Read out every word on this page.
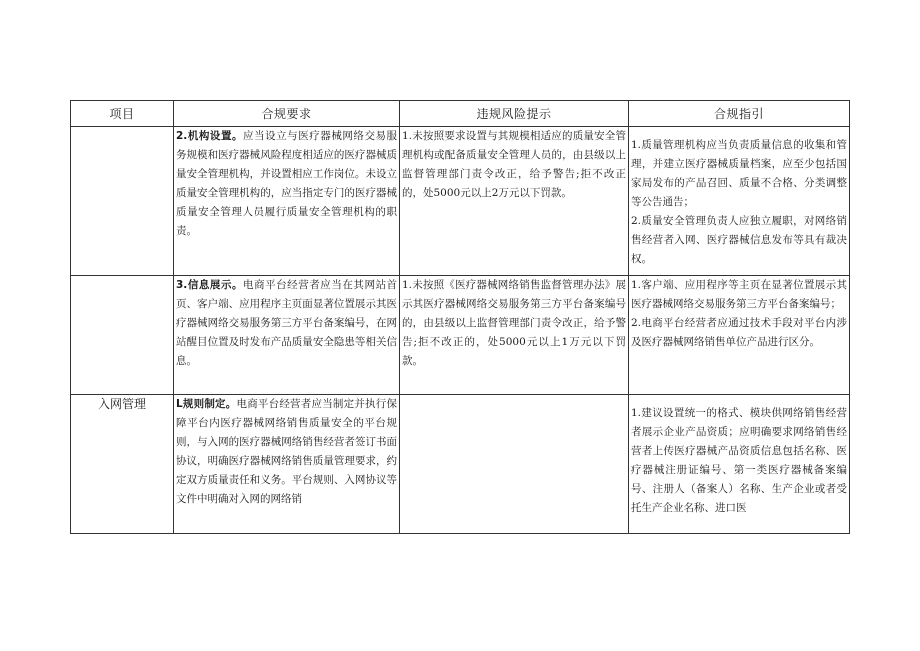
项目	合规要求	违规风险提示	合规指引

	2.机构设置。应当设立与医疗器械网络交易服务规模和医疗器械风险程度相适应的医疗器械质量安全管理机构，并设置相应工作岗位。未设立质量安全管理机构的，应当指定专门的医疗器械质量安全管理人员履行质量安全管理机构的职责。	1.未按照要求设置与其规模相适应的质量安全管理机构或配备质量安全管理人员的，由县级以上监督管理部门责令改正，给予警告;拒不改正的，处5000元以上2万元以下罚款。	1.质量管理机构应当负责质量信息的收集和管理，并建立医疗器械质量档案，应至少包括国家局发布的产品召回、质量不合格、分类调整等公告通告；

2.质量安全管理负责人应独立履职，对网络销售经营者入网、医疗器械信息发布等具有裁决权。

	3.信息展示。电商平台经营者应当在其网站首页、客户端、应用程序主页面显著位置展示其医疗器械网络交易服务第三方平台备案编号，在网站醒目位置及时发布产品质量安全隐患等相关信息。	1.未按照《医疗器械网络销售监督管理办法》展示其医疗器械网络交易服务第三方平台备案编号的，由县级以上监督管理部门责令改正，给予警告;拒不改正的，处5000元以上1万元以下罚款。	1.客户端、应用程序等主页在显著位置展示其医疗器械网络交易服务第三方平台备案编号；

2.电商平台经营者应通过技术手段对平台内涉及医疗器械网络销售单位产品进行区分。

入网管理	L规则制定。电商平台经营者应当制定并执行保障平台内医疗器械网络销售质量安全的平台规则，与入网的医疗器械网络销售经营者签订书面协议，明确医疗器械网络销售质量管理要求，约定双方质量责任和义务。平台规则、入网协议等文件中明确对入网的网络销		1.建议设置统一的格式、模块供网络销售经营者展示企业产品资质；应明确要求网络销售经营者上传医疗器械产品资质信息包括名称、医疗器械注册证编号、第一类医疗器械备案编号、注册人（备案人）名称、生产企业或者受托生产企业名称、进口医
